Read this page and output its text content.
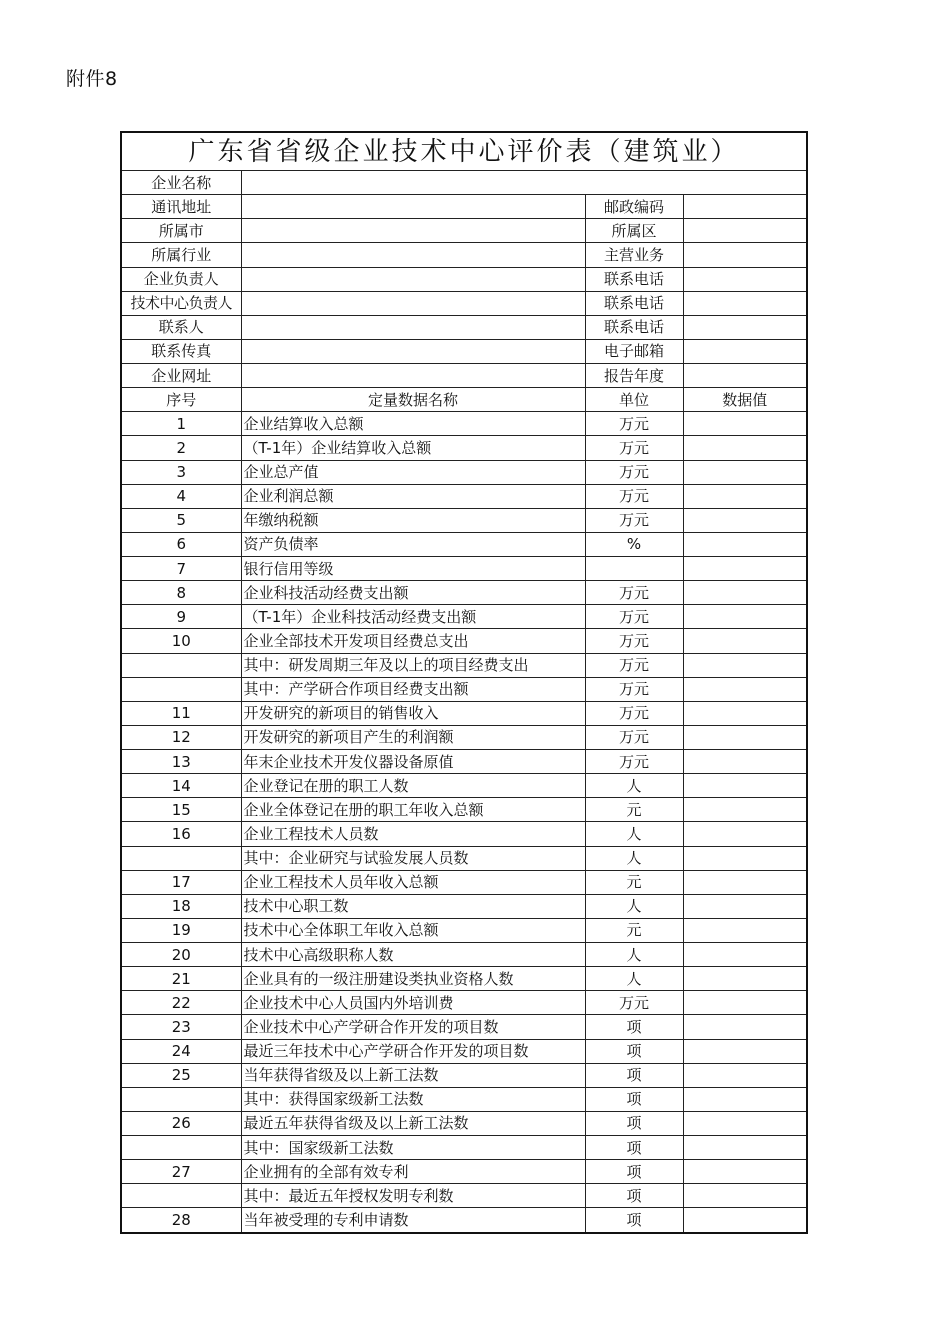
附件8
广东省省级企业技术中心评价表（建筑业）			
企业名称			
通讯地址		邮政编码	
所属市		所属区	
所属行业		主营业务	
企业负责人		联系电话	
技术中心负责人		联系电话	
联系人		联系电话	
联系传真		电子邮箱	
企业网址		报告年度	
序号	定量数据名称	单位	数据值
1	企业结算收入总额	万元	
2	（T-1年）企业结算收入总额	万元	
3	企业总产值	万元	
4	企业利润总额	万元	
5	年缴纳税额	万元	
6	资产负债率	%	
7	银行信用等级		
8	企业科技活动经费支出额	万元	
9	（T-1年）企业科技活动经费支出额	万元	
10	企业全部技术开发项目经费总支出	万元	
	其中：研发周期三年及以上的项目经费支出	万元	
	其中：产学研合作项目经费支出额	万元	
11	开发研究的新项目的销售收入	万元	
12	开发研究的新项目产生的利润额	万元	
13	年末企业技术开发仪器设备原值	万元	
14	企业登记在册的职工人数	人	
15	企业全体登记在册的职工年收入总额	元	
16	企业工程技术人员数	人	
	其中：企业研究与试验发展人员数	人	
17	企业工程技术人员年收入总额	元	
18	技术中心职工数	人	
19	技术中心全体职工年收入总额	元	
20	技术中心高级职称人数	人	
21	企业具有的一级注册建设类执业资格人数	人	
22	企业技术中心人员国内外培训费	万元	
23	企业技术中心产学研合作开发的项目数	项	
24	最近三年技术中心产学研合作开发的项目数	项	
25	当年获得省级及以上新工法数	项	
	其中：获得国家级新工法数	项	
26	最近五年获得省级及以上新工法数	项	
	其中：国家级新工法数	项	
27	企业拥有的全部有效专利	项	
	其中：最近五年授权发明专利数	项	
28	当年被受理的专利申请数	项	
